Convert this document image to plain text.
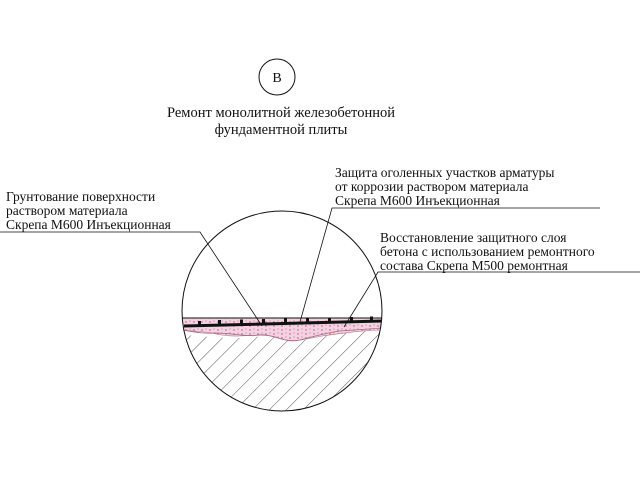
В
Ремонт монолитной железобетонной
фундаментной плиты
Грунтование поверхности
раствором материала
Скрепа М600 Инъекционная
Защита оголенных участков арматуры
от коррозии раствором материала
Скрепа М600 Инъекционная
Восстановление защитного слоя
бетона с использованием ремонтного
состава Скрепа М500 ремонтная
